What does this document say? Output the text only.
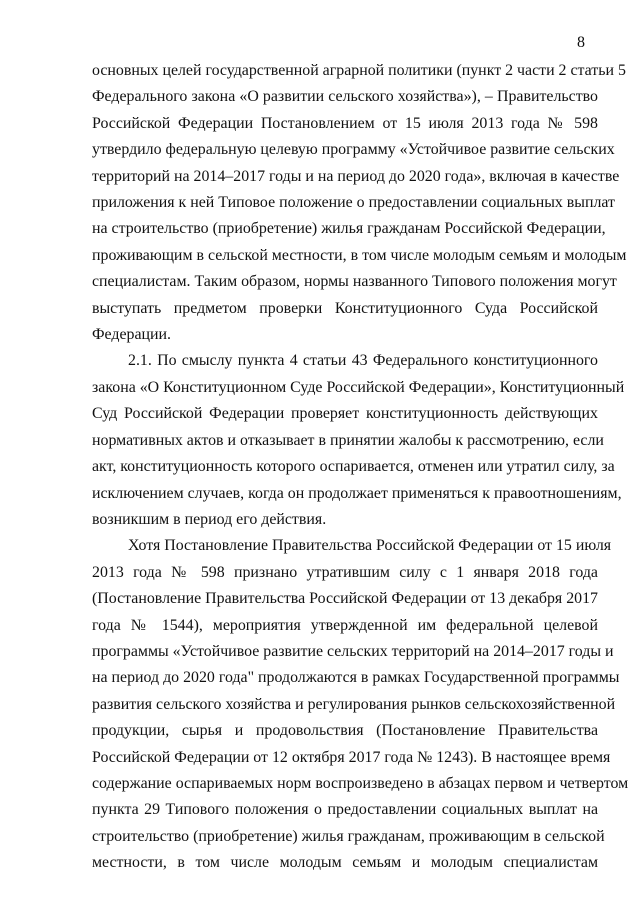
8

основных целей государственной аграрной политики (пункт 2 части 2 статьи 5
Федерального закона «О развитии сельского хозяйства»), – Правительство
Российской Федерации Постановлением от 15 июля 2013 года № 598
утвердило федеральную целевую программу «Устойчивое развитие сельских
территорий на 2014–2017 годы и на период до 2020 года», включая в качестве
приложения к ней Типовое положение о предоставлении социальных выплат
на строительство (приобретение) жилья гражданам Российской Федерации,
проживающим в сельской местности, в том числе молодым семьям и молодым
специалистам. Таким образом, нормы названного Типового положения могут
выступать предметом проверки Конституционного Суда Российской
Федерации.

2.1. По смыслу пункта 4 статьи 43 Федерального конституционного
закона «О Конституционном Суде Российской Федерации», Конституционный
Суд Российской Федерации проверяет конституционность действующих
нормативных актов и отказывает в принятии жалобы к рассмотрению, если
акт, конституционность которого оспаривается, отменен или утратил силу, за
исключением случаев, когда он продолжает применяться к правоотношениям,
возникшим в период его действия.

Хотя Постановление Правительства Российской Федерации от 15 июля
2013 года № 598 признано утратившим силу с 1 января 2018 года
(Постановление Правительства Российской Федерации от 13 декабря 2017
года № 1544), мероприятия утвержденной им федеральной целевой
программы «Устойчивое развитие сельских территорий на 2014–2017 годы и
на период до 2020 года" продолжаются в рамках Государственной программы
развития сельского хозяйства и регулирования рынков сельскохозяйственной
продукции, сырья и продовольствия (Постановление Правительства
Российской Федерации от 12 октября 2017 года № 1243). В настоящее время
содержание оспариваемых норм воспроизведено в абзацах первом и четвертом
пункта 29 Типового положения о предоставлении социальных выплат на
строительство (приобретение) жилья гражданам, проживающим в сельской
местности, в том числе молодым семьям и молодым специалистам
